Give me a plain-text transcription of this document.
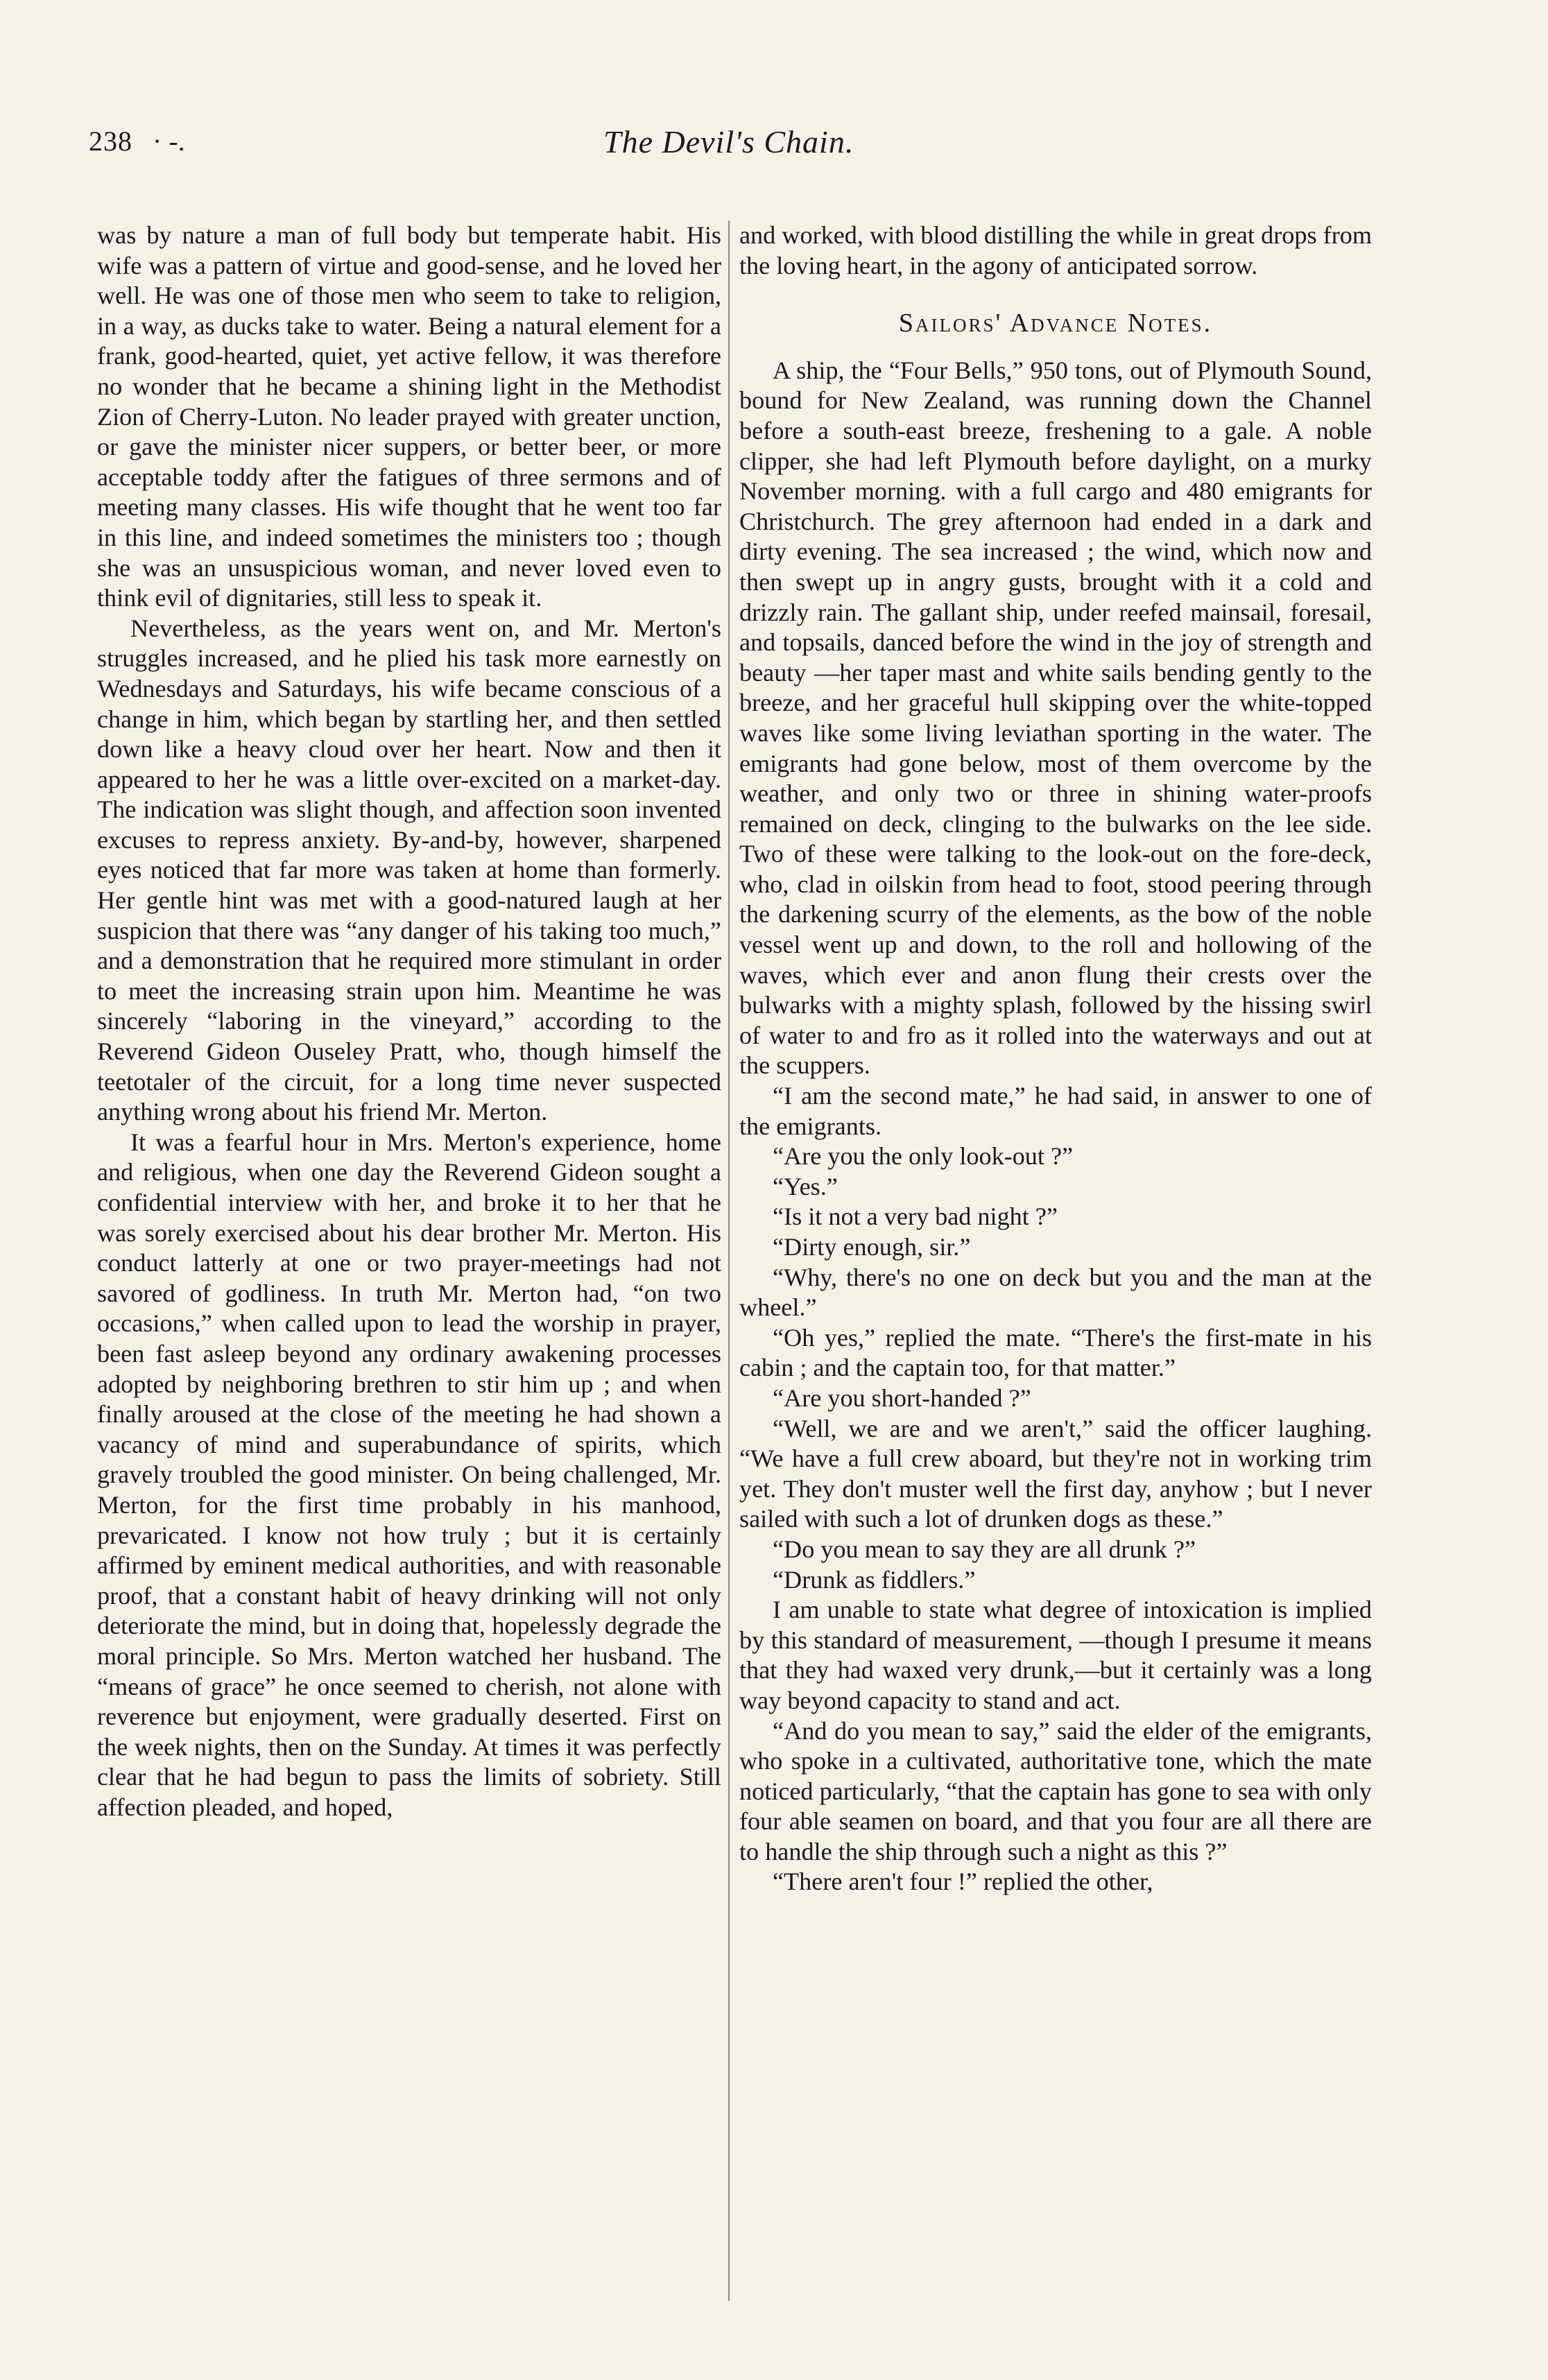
238 · -.	The Devil's Chain.

was by nature a man of full body but temperate habit. His wife was a pattern of virtue and good-sense, and he loved her well. He was one of those men who seem to take to religion, in a way, as ducks take to water. Being a natural element for a frank, good-hearted, quiet, yet active fellow, it was therefore no wonder that he became a shining light in the Methodist Zion of Cherry-Luton. No leader prayed with greater unction, or gave the minister nicer suppers, or better beer, or more acceptable toddy after the fatigues of three sermons and of meeting many classes. His wife thought that he went too far in this line, and indeed sometimes the ministers too ; though she was an unsuspicious woman, and never loved even to think evil of dignitaries, still less to speak it.

Nevertheless, as the years went on, and Mr. Merton's struggles increased, and he plied his task more earnestly on Wednesdays and Saturdays, his wife became conscious of a change in him, which began by startling her, and then settled down like a heavy cloud over her heart. Now and then it appeared to her he was a little over-excited on a market-day. The indication was slight though, and affection soon invented excuses to repress anxiety. By-and-by, however, sharpened eyes noticed that far more was taken at home than formerly. Her gentle hint was met with a good-natured laugh at her suspicion that there was “any danger of his taking too much,” and a demonstration that he required more stimulant in order to meet the increasing strain upon him. Meantime he was sincerely “laboring in the vineyard,” according to the Reverend Gideon Ouseley Pratt, who, though himself the teetotaler of the circuit, for a long time never suspected anything wrong about his friend Mr. Merton.

It was a fearful hour in Mrs. Merton's experience, home and religious, when one day the Reverend Gideon sought a confidential interview with her, and broke it to her that he was sorely exercised about his dear brother Mr. Merton. His conduct latterly at one or two prayer-meetings had not savored of godliness. In truth Mr. Merton had, “on two occasions,” when called upon to lead the worship in prayer, been fast asleep beyond any ordinary awakening processes adopted by neighboring brethren to stir him up ; and when finally aroused at the close of the meeting he had shown a vacancy of mind and superabundance of spirits, which gravely troubled the good minister. On being challenged, Mr. Merton, for the first time probably in his manhood, prevaricated. I know not how truly ; but it is certainly affirmed by eminent medical authorities, and with reasonable proof, that a constant habit of heavy drinking will not only deteriorate the mind, but in doing that, hopelessly degrade the moral principle. So Mrs. Merton watched her husband. The “means of grace” he once seemed to cherish, not alone with reverence but enjoyment, were gradually deserted. First on the week nights, then on the Sunday. At times it was perfectly clear that he had begun to pass the limits of sobriety. Still affection pleaded, and hoped,

and worked, with blood distilling the while in great drops from the loving heart, in the agony of anticipated sorrow.

Sailors' Advance Notes.

A ship, the “Four Bells,” 950 tons, out of Plymouth Sound, bound for New Zealand, was running down the Channel before a south-east breeze, freshening to a gale. A noble clipper, she had left Plymouth before daylight, on a murky November morning. with a full cargo and 480 emigrants for Christchurch. The grey afternoon had ended in a dark and dirty evening. The sea increased ; the wind, which now and then swept up in angry gusts, brought with it a cold and drizzly rain. The gallant ship, under reefed mainsail, foresail, and topsails, danced before the wind in the joy of strength and beauty —her taper mast and white sails bending gently to the breeze, and her graceful hull skipping over the white-topped waves like some living leviathan sporting in the water. The emigrants had gone below, most of them overcome by the weather, and only two or three in shining water-proofs remained on deck, clinging to the bulwarks on the lee side. Two of these were talking to the look-out on the fore-deck, who, clad in oilskin from head to foot, stood peering through the darkening scurry of the elements, as the bow of the noble vessel went up and down, to the roll and hollowing of the waves, which ever and anon flung their crests over the bulwarks with a mighty splash, followed by the hissing swirl of water to and fro as it rolled into the waterways and out at the scuppers.

“I am the second mate,” he had said, in answer to one of the emigrants.

“Are you the only look-out ?”

“Yes.”

“Is it not a very bad night ?”

“Dirty enough, sir.”

“Why, there's no one on deck but you and the man at the wheel.”

“Oh yes,” replied the mate. “There's the first-mate in his cabin ; and the captain too, for that matter.”

“Are you short-handed ?”

“Well, we are and we aren't,” said the officer laughing. “We have a full crew aboard, but they're not in working trim yet. They don't muster well the first day, anyhow ; but I never sailed with such a lot of drunken dogs as these.”

“Do you mean to say they are all drunk ?”

“Drunk as fiddlers.”

I am unable to state what degree of intoxication is implied by this standard of measurement, —though I presume it means that they had waxed very drunk,—but it certainly was a long way beyond capacity to stand and act.

“And do you mean to say,” said the elder of the emigrants, who spoke in a cultivated, authoritative tone, which the mate noticed particularly, “that the captain has gone to sea with only four able seamen on board, and that you four are all there are to handle the ship through such a night as this ?”

“There aren't four !” replied the other,
